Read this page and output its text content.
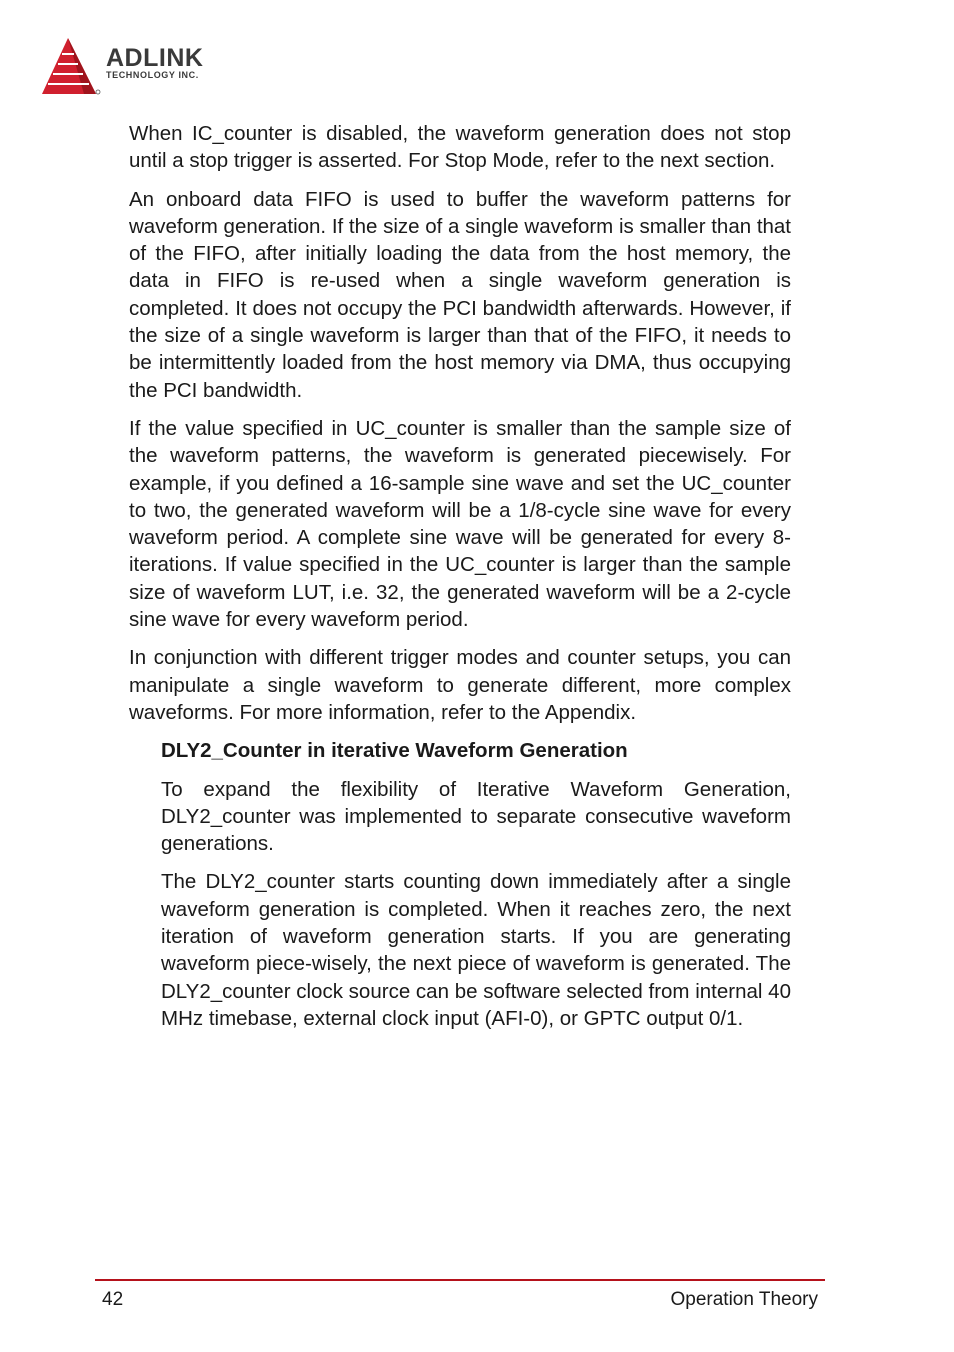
ADLINK
TECHNOLOGY INC.

When IC_counter is disabled, the waveform generation does not stop until a stop trigger is asserted. For Stop Mode, refer to the next section.

An onboard data FIFO is used to buffer the waveform patterns for waveform generation. If the size of a single waveform is smaller than that of the FIFO, after initially loading the data from the host memory, the data in FIFO is re-used when a single waveform generation is completed. It does not occupy the PCI bandwidth afterwards. However, if the size of a single waveform is larger than that of the FIFO, it needs to be intermittently loaded from the host memory via DMA, thus occupying the PCI bandwidth.

If the value specified in UC_counter is smaller than the sample size of the waveform patterns, the waveform is generated piecewisely. For example, if you defined a 16-sample sine wave and set the UC_counter to two, the generated waveform will be a 1/8-cycle sine wave for every waveform period. A complete sine wave will be generated for every 8-iterations. If value specified in the UC_counter is larger than the sample size of waveform LUT, i.e. 32, the generated waveform will be a 2-cycle sine wave for every waveform period.

In conjunction with different trigger modes and counter setups, you can manipulate a single waveform to generate different, more complex waveforms. For more information, refer to the Appendix.

DLY2_Counter in iterative Waveform Generation

To expand the flexibility of Iterative Waveform Generation, DLY2_counter was implemented to separate consecutive waveform generations.

The DLY2_counter starts counting down immediately after a single waveform generation is completed. When it reaches zero, the next iteration of waveform generation starts. If you are generating waveform piece-wisely, the next piece of waveform is generated. The DLY2_counter clock source can be software selected from internal 40 MHz timebase, external clock input (AFI-0), or GPTC output 0/1.

42	Operation Theory
